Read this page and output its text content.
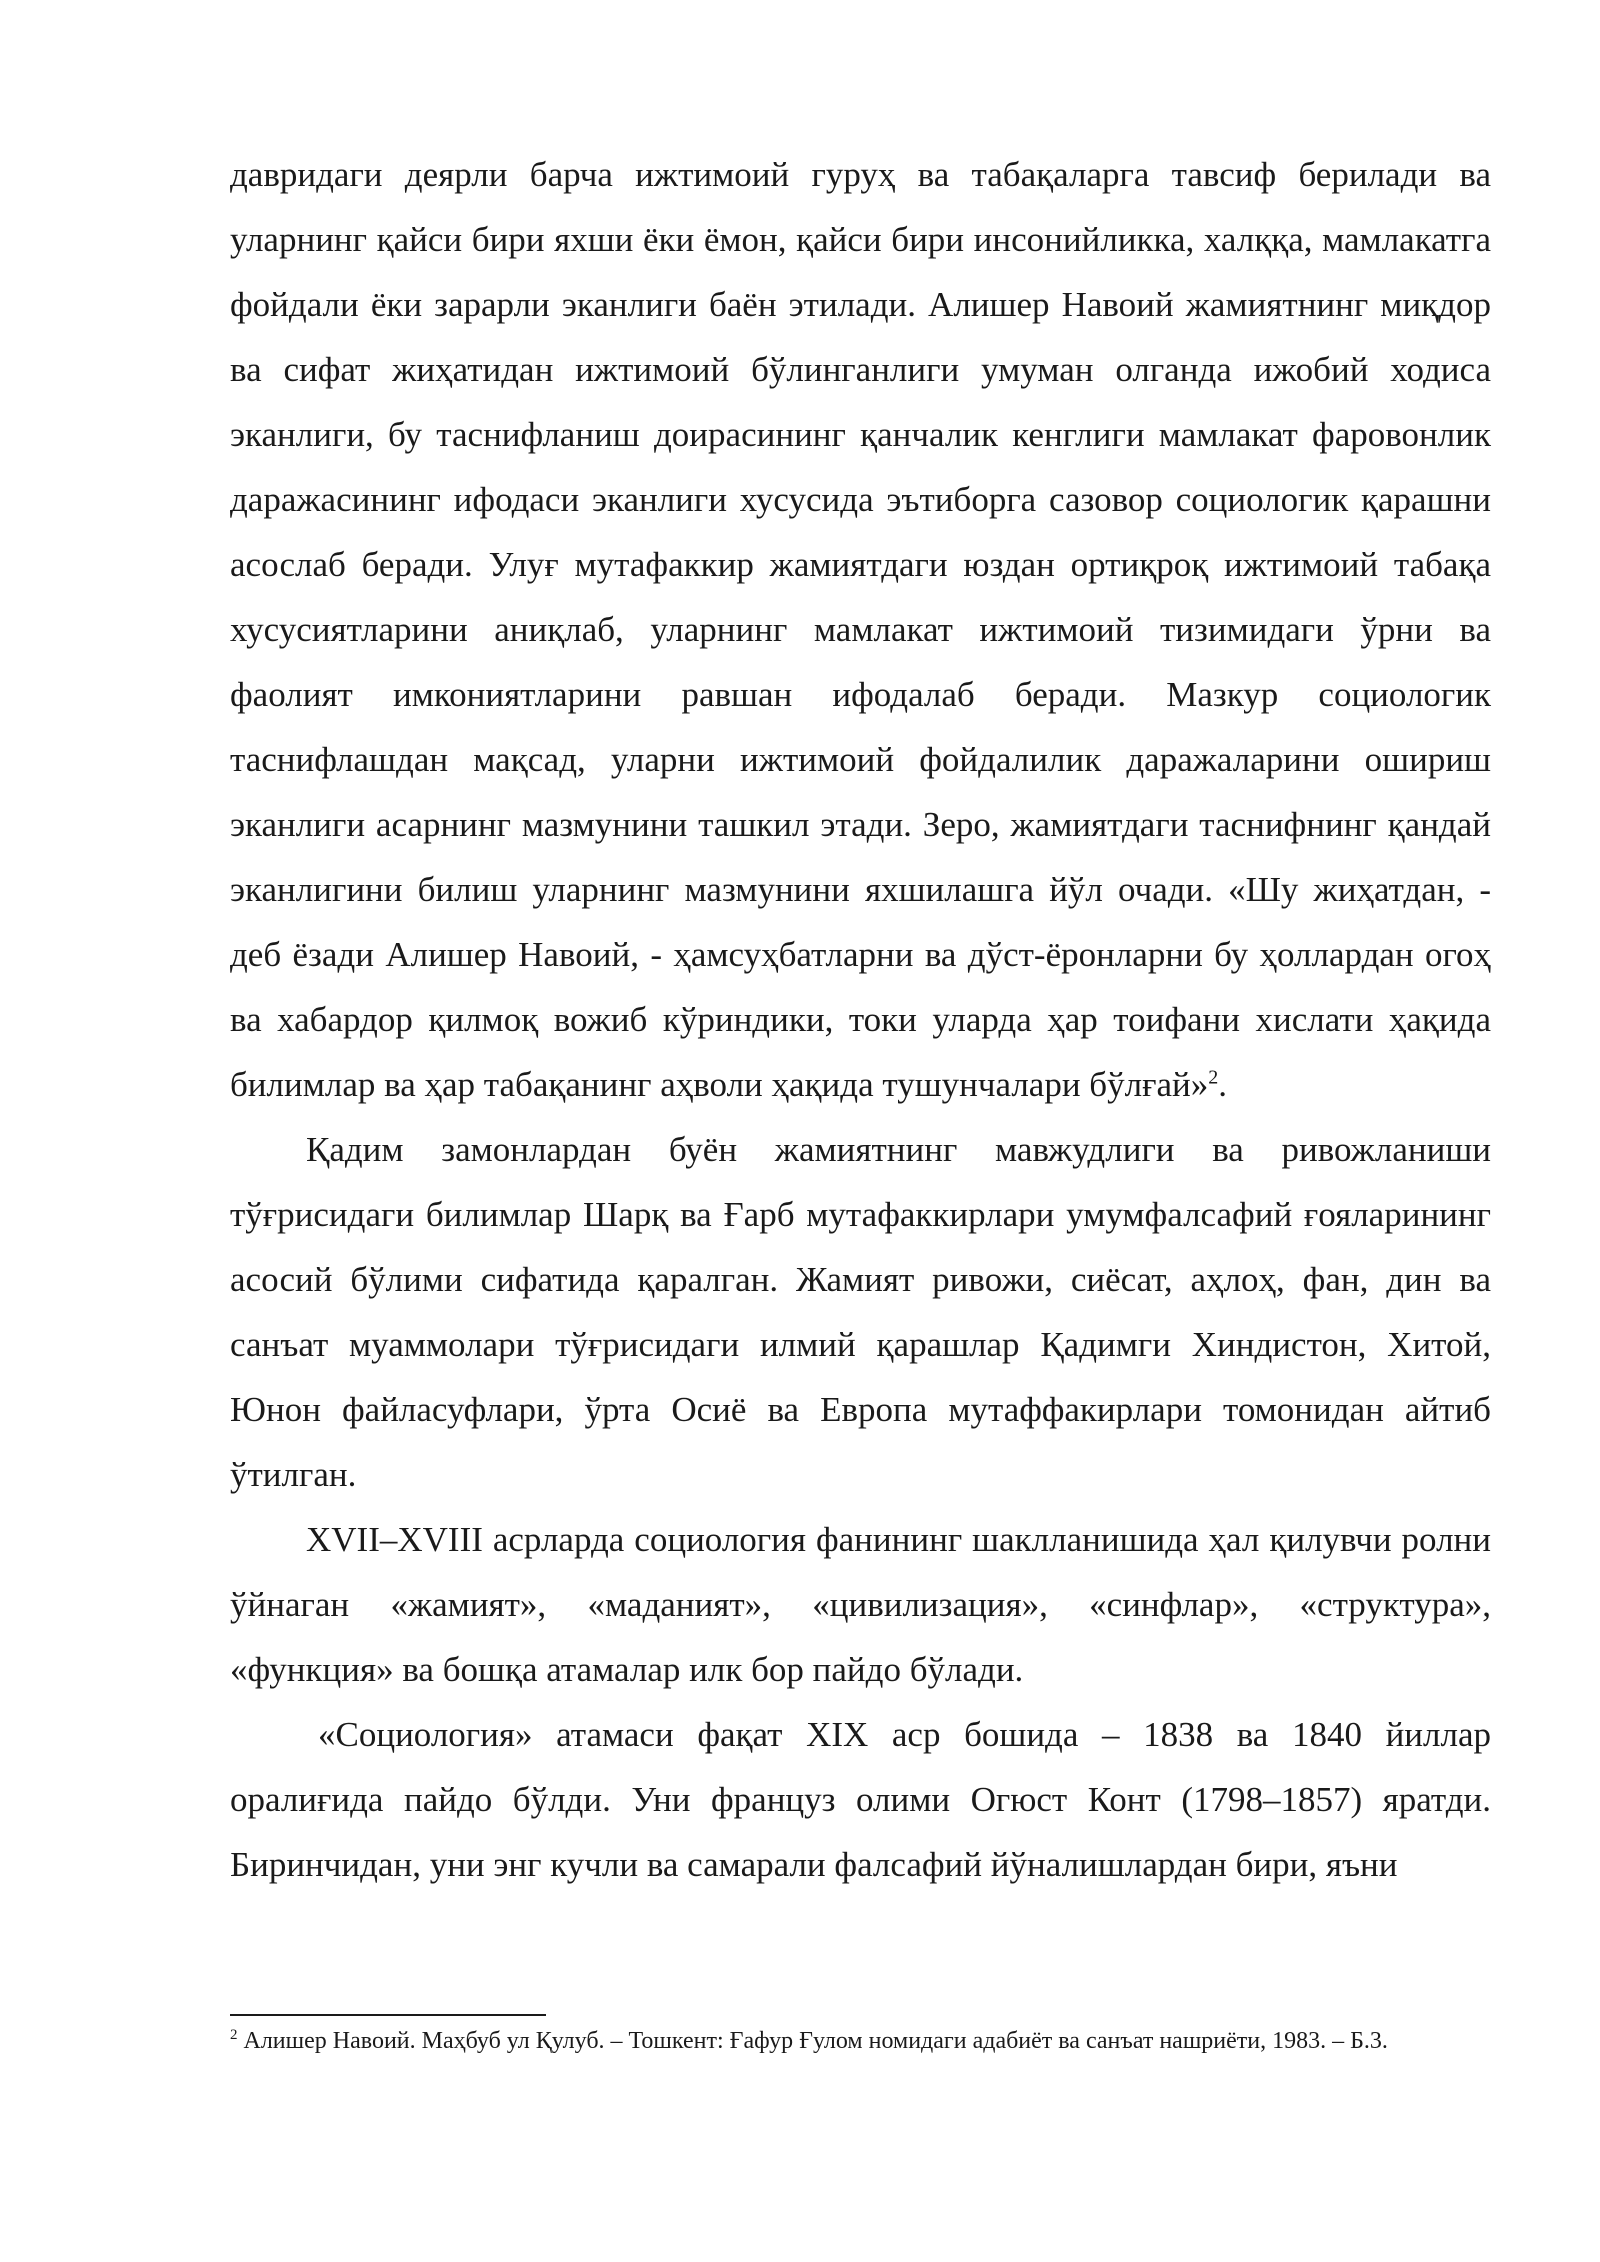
давридаги деярли барча ижтимоий гуруҳ ва табақаларга тавсиф берилади ва уларнинг қайси бири яхши ёки ёмон, қайси бири инсонийликка, халққа, мамлакатга фойдали ёки зарарли эканлиги баён этилади. Алишер Навоий жамиятнинг миқдор ва сифат жиҳатидан ижтимоий бўлинганлиги умуман олганда ижобий ходиса эканлиги, бу таснифланиш доирасининг қанчалик кенглиги мамлакат фаровонлик даражасининг ифодаси эканлиги хусусида эътиборга сазовор социологик қарашни асослаб беради. Улуғ мутафаккир жамиятдаги юздан ортиқроқ ижтимоий табақа хусусиятларини аниқлаб, уларнинг мамлакат ижтимоий тизимидаги ўрни ва фаолият имкониятларини равшан ифодалаб беради. Мазкур социологик таснифлашдан мақсад, уларни ижтимоий фойдалилик даражаларини ошириш эканлиги асарнинг мазмунини ташкил этади. Зеро, жамиятдаги таснифнинг қандай эканлигини билиш уларнинг мазмунини яхшилашга йўл очади. «Шу жиҳатдан, - деб ёзади Алишер Навоий, - ҳамсуҳбатларни ва дўст-ёронларни бу ҳоллардан огоҳ ва хабардор қилмоқ вожиб кўриндики, токи уларда ҳар тоифани хислати ҳақида билимлар ва ҳар табақанинг аҳволи ҳақида тушунчалари бўлғай»$^2$.

Қадим замонлардан буён жамиятнинг мавжудлиги ва ривожланиши тўғрисидаги билимлар Шарқ ва Ғарб мутафаккирлари умумфалсафий ғояларининг асосий бўлими сифатида қаралган. Жамият ривожи, сиёсат, аҳлоҳ, фан, дин ва санъат муаммолари тўғрисидаги илмий қарашлар Қадимги Хиндистон, Хитой, Юнон файласуфлари, ўрта Осиё ва Европа мутаффакирлари томонидан айтиб ўтилган.

XVII–XVIII асрларда социология фанининг шаклланишида ҳал қилувчи ролни ўйнаган «жамият», «маданият», «цивилизация», «синфлар», «структура», «функция» ва бошқа атамалар илк бор пайдо бўлади.

«Социология» атамаси фақат XIX аср бошида – 1838 ва 1840 йиллар оралиғида пайдо бўлди. Уни француз олими Огюст Конт (1798–1857) яратди. Биринчидан, уни энг кучли ва самарали фалсафий йўналишлардан бири, яъни

$^2$ Алишер Навоий. Маҳбуб ул Қулуб. – Тошкент: Ғафур Ғулом номидаги адабиёт ва санъат нашриёти, 1983. – Б.3.
